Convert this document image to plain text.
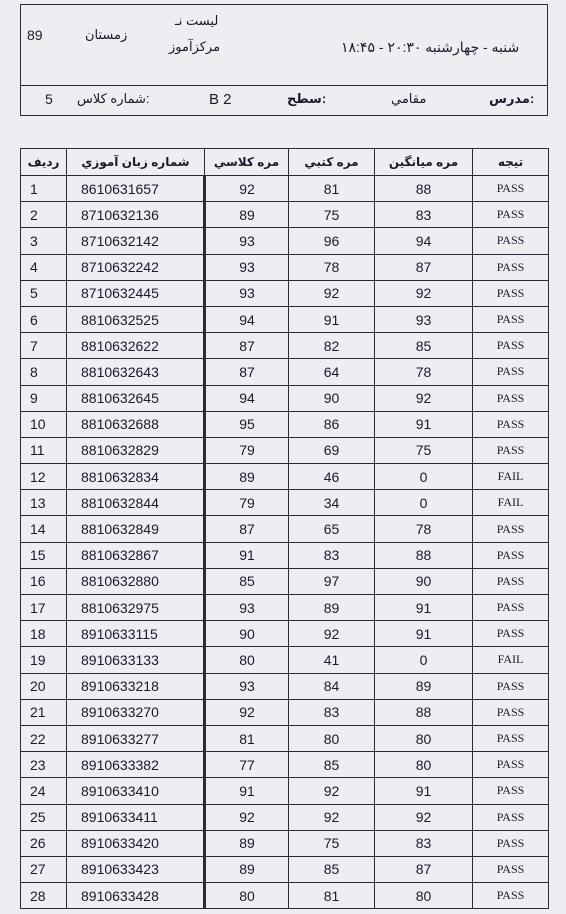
89	زمستان
ليست نـ
مركزآموز	شنبه - چهارشنبه ۲۰:۳۰ - ۱۸:۴۵
5 شماره كلاس:	B 2	سطح:	مقامي	مدرس:
رديف	شماره زبان آموزي	مره كلاسي	مره كتبي	مره ميانگين	تيجه
1	8610631657	92	81	88	PASS
2	8710632136	89	75	83	PASS
3	8710632142	93	96	94	PASS
4	8710632242	93	78	87	PASS
5	8710632445	93	92	92	PASS
6	8810632525	94	91	93	PASS
7	8810632622	87	82	85	PASS
8	8810632643	87	64	78	PASS
9	8810632645	94	90	92	PASS
10	8810632688	95	86	91	PASS
11	8810632829	79	69	75	PASS
12	8810632834	89	46	0	FAIL
13	8810632844	79	34	0	FAIL
14	8810632849	87	65	78	PASS
15	8810632867	91	83	88	PASS
16	8810632880	85	97	90	PASS
17	8810632975	93	89	91	PASS
18	8910633115	90	92	91	PASS
19	8910633133	80	41	0	FAIL
20	8910633218	93	84	89	PASS
21	8910633270	92	83	88	PASS
22	8910633277	81	80	80	PASS
23	8910633382	77	85	80	PASS
24	8910633410	91	92	91	PASS
25	8910633411	92	92	92	PASS
26	8910633420	89	75	83	PASS
27	8910633423	89	85	87	PASS
28	8910633428	80	81	80	PASS
